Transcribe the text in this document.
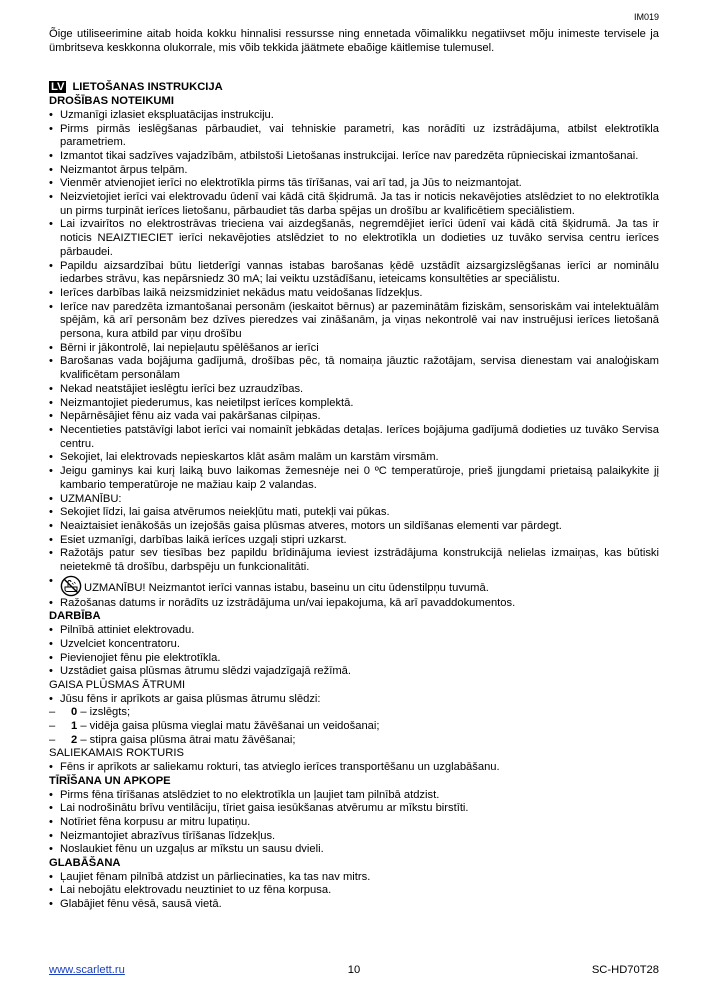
IM019

Õige utiliseerimine aitab hoida kokku hinnalisi ressursse ning ennetada võimalikku negatiivset mõju inimeste tervisele ja ümbritseva keskkonna olukorrale, mis võib tekkida jäätmete ebaõige käitlemise tulemusel.

LV LIETOŠANAS INSTRUKCIJA
DROŠĪBAS NOTEIKUMI
• Uzmanīgi izlasiet ekspluatācijas instrukciju.
• Pirms pirmās ieslēgšanas pārbaudiet, vai tehniskie parametri, kas norādīti uz izstrādājuma, atbilst elektrotīkla parametriem.
• Izmantot tikai sadzīves vajadzībām, atbilstoši Lietošanas instrukcijai. Ierīce nav paredzēta rūpnieciskai izmantošanai.
• Neizmantot ārpus telpām.
• Vienmēr atvienojiet ierīci no elektrotīkla pirms tās tīrīšanas, vai arī tad, ja Jūs to neizmantojat.
• Neizvietojiet ierīci vai elektrovadu ūdenī vai kādā citā šķidrumā. Ja tas ir noticis nekavējoties atslēdziet to no elektrotīkla un pirms turpināt ierīces lietošanu, pārbaudiet tās darba spējas un drošību ar kvalificētiem speciālistiem.
• Lai izvairītos no elektrostrāvas trieciena vai aizdegšanās, negremdējiet ierīci ūdenī vai kādā citā šķidrumā. Ja tas ir noticis NEAIZTIECIET ierīci nekavējoties atslēdziet to no elektrotīkla un dodieties uz tuvāko servisa centru ierīces pārbaudei.
• Papildu aizsardzībai būtu lietderīgi vannas istabas barošanas ķēdē uzstādīt aizsargizslēgšanas ierīci ar nominālu iedarbes strāvu, kas nepārsniedz 30 mA; lai veiktu uzstādīšanu, ieteicams konsultēties ar speciālistu.
• Ierīces darbības laikā neizsmidziniet nekādus matu veidošanas līdzekļus.
• Ierīce nav paredzēta izmantošanai personām (ieskaitot bērnus) ar pazeminātām fiziskām, sensoriskām vai intelektuālām spējām, kā arī personām bez dzīves pieredzes vai zināšanām, ja viņas nekontrolē vai nav instruējusi ierīces lietošanā persona, kura atbild par viņu drošību
• Bērni ir jākontrolē, lai nepieļautu spēlēšanos ar ierīci
• Barošanas vada bojājuma gadījumā, drošības pēc, tā nomaiņa jāuztic ražotājam, servisa dienestam vai analoģiskam kvalificētam personālam
• Nekad neatstājiet ieslēgtu ierīci bez uzraudzības.
• Neizmantojiet piederumus, kas neietilpst ierīces komplektā.
• Nepārnēsājiet fēnu aiz vada vai pakāršanas cilpiņas.
• Necentieties patstāvīgi labot ierīci vai nomainīt jebkādas detaļas. Ierīces bojājuma gadījumā dodieties uz tuvāko Servisa centru.
• Sekojiet, lai elektrovads nepieskartos klāt asām malām un karstām virsmām.
• Jeigu gaminys kai kurį laiką buvo laikomas žemesnėje nei 0 ºC temperatūroje, prieš įjungdami prietaisą palaikykite jį kambario temperatūroje ne mažiau kaip 2 valandas.
• UZMANĪBU:
• Sekojiet līdzi, lai gaisa atvērumos neiekļūtu mati, putekļi vai pūkas.
• Neaiztaisiet ienākošās un izejošās gaisa plūsmas atveres, motors un sildīšanas elementi var pārdegt.
• Esiet uzmanīgi, darbības laikā ierīces uzgaļi stipri uzkarst.
• Ražotājs patur sev tiesības bez papildu brīdinājuma ieviest izstrādājuma konstrukcijā nelielas izmaiņas, kas būtiski neietekmē tā drošību, darbspēju un funkcionalitāti.
• UZMANĪBU! Neizmantot ierīci vannas istabu, baseinu un citu ūdenstilpņu tuvumā.
• Ražošanas datums ir norādīts uz izstrādājuma un/vai iepakojuma, kā arī pavaddokumentos.
DARBĪBA
• Pilnībā attiniet elektrovadu.
• Uzvelciet koncentratoru.
• Pievienojiet fēnu pie elektrotīkla.
• Uzstādiet gaisa plūsmas ātrumu slēdzi vajadzīgajā režīmā.
GAISA PLŪSMAS ĀTRUMI
• Jūsu fēns ir aprīkots ar gaisa plūsmas ātrumu slēdzi:
– 0 – izslēgts;
– 1 – vidēja gaisa plūsma vieglai matu žāvēšanai un veidošanai;
– 2 – stipra gaisa plūsma ātrai matu žāvēšanai;
SALIEKAMAIS ROKTURIS
• Fēns ir aprīkots ar saliekamu rokturi, tas atvieglo ierīces transportēšanu un uzglabāšanu.
TĪRĪŠANA UN APKOPE
• Pirms fēna tīrīšanas atslēdziet to no elektrotīkla un ļaujiet tam pilnībā atdzist.
• Lai nodrošinātu brīvu ventilāciju, tīriet gaisa iesūkšanas atvērumu ar mīkstu birstīti.
• Notīriet fēna korpusu ar mitru lupatiņu.
• Neizmantojiet abrazīvus tīrīšanas līdzekļus.
• Noslaukiet fēnu un uzgaļus ar mīkstu un sausu dvieli.
GLABĀŠANA
• Ļaujiet fēnam pilnībā atdzist un pārliecinaties, ka tas nav mitrs.
• Lai nebojātu elektrovadu neuztiniet to uz fēna korpusa.
• Glabājiet fēnu vēsā, sausā vietā.
www.scarlett.ru	10	SC-HD70T28
